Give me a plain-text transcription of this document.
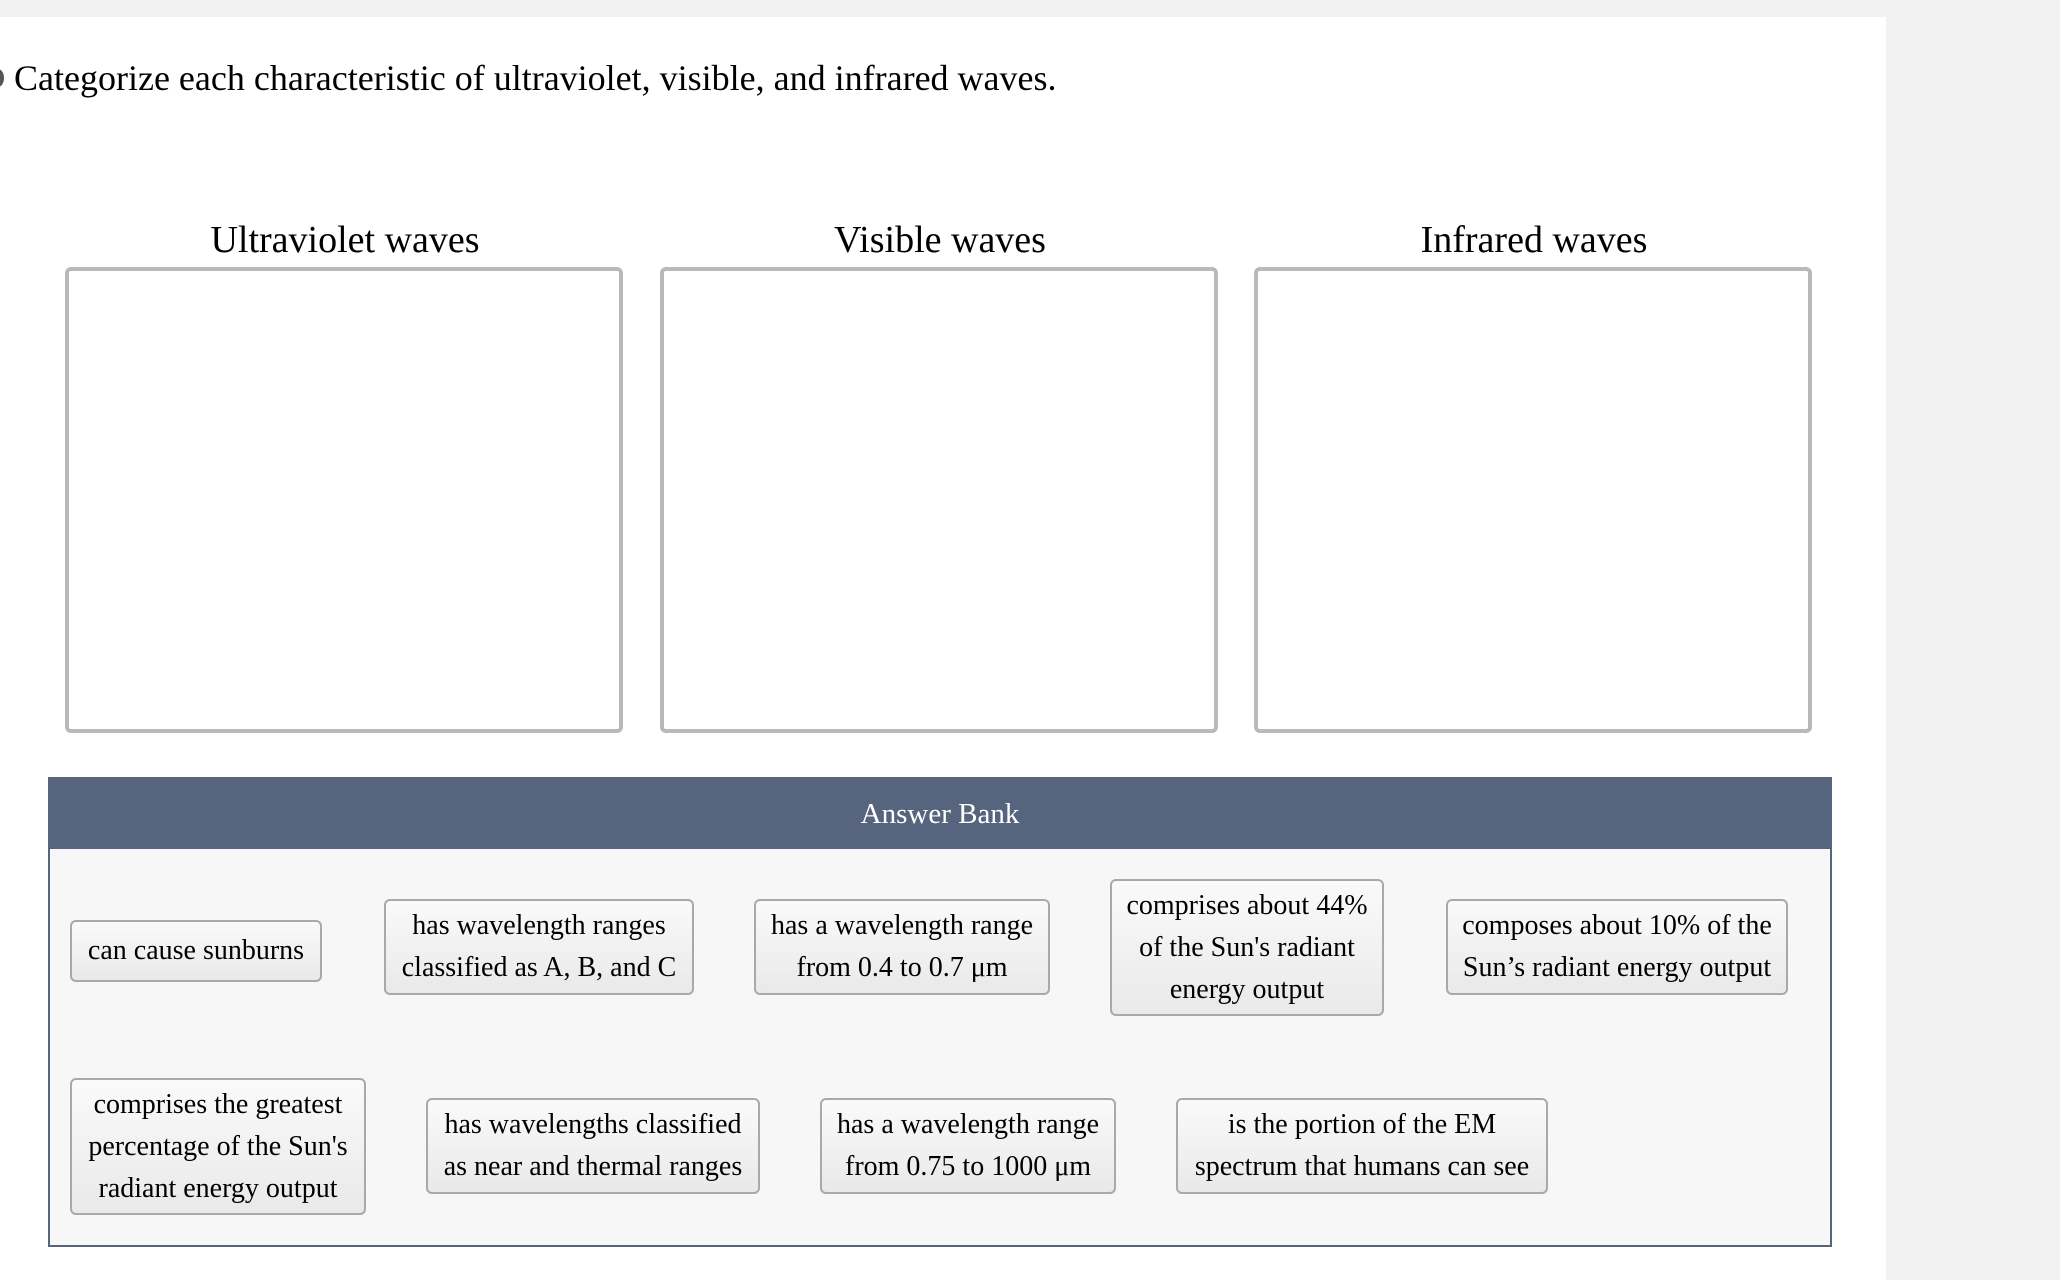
Categorize each characteristic of ultraviolet, visible, and infrared waves.
Ultraviolet waves	Visible waves	Infrared waves
Answer Bank
can cause sunburns
has wavelength ranges classified as A, B, and C
has a wavelength range from 0.4 to 0.7 μm
comprises about 44% of the Sun's radiant energy output
composes about 10% of the Sun’s radiant energy output
comprises the greatest percentage of the Sun's radiant energy output
has wavelengths classified as near and thermal ranges
has a wavelength range from 0.75 to 1000 μm
is the portion of the EM spectrum that humans can see
